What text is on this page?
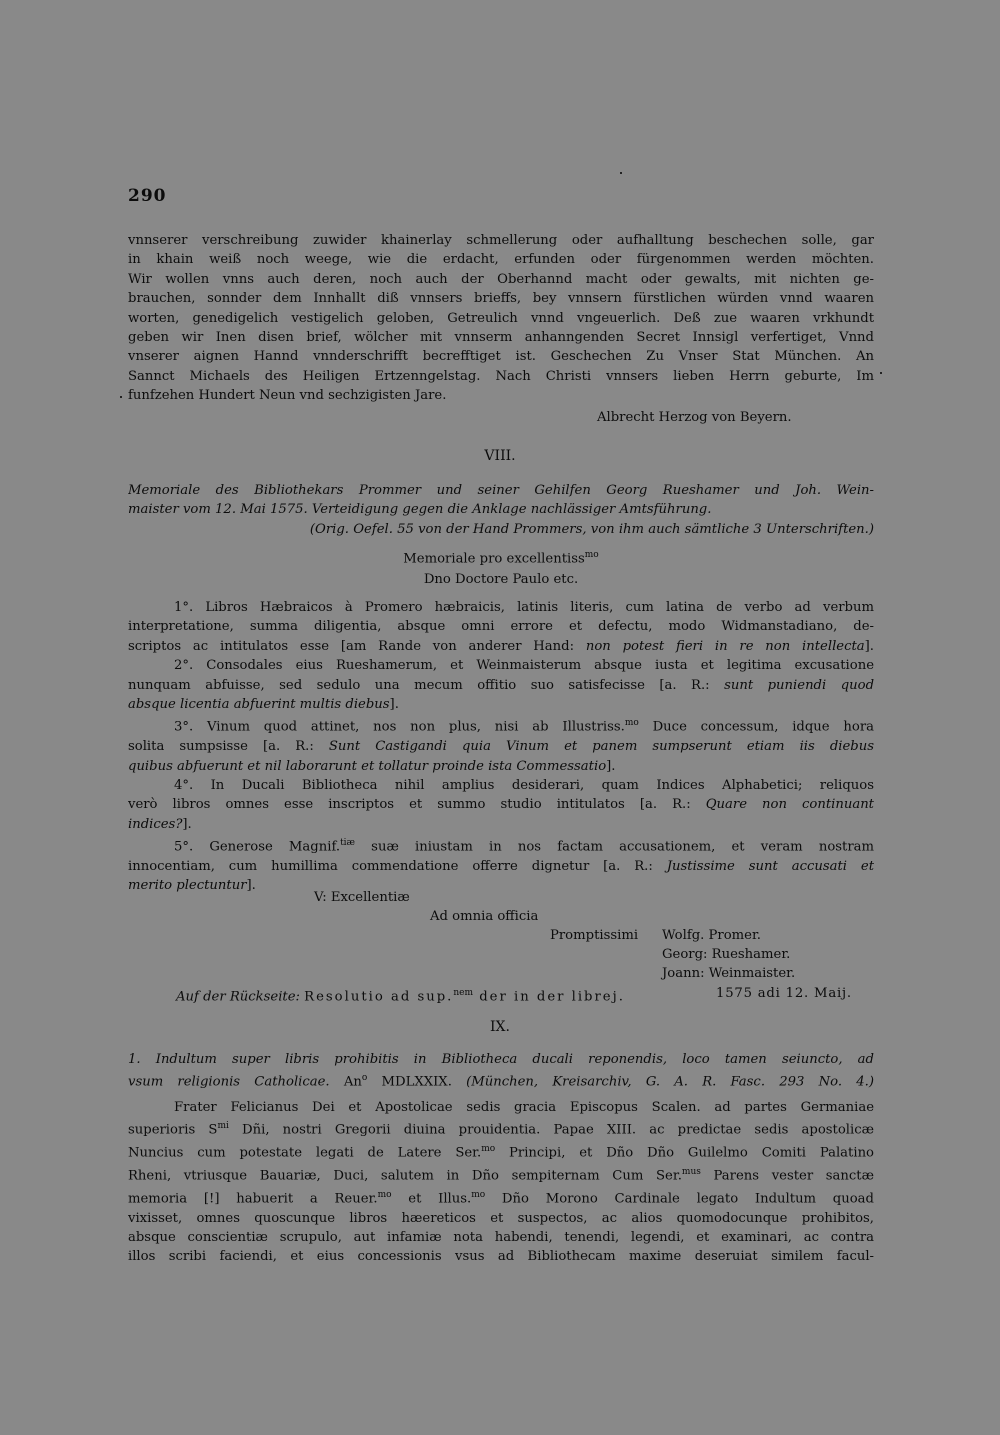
290

vnnserer verschreibung zuwider khainerlay schmellerung oder aufhalltung beschechen solle, gar

in khain weiß noch weege, wie die erdacht, erfunden oder fürgenommen werden möchten.

Wir wollen vnns auch deren, noch auch der Oberhannd macht oder gewalts, mit nichten ge-

brauchen, sonnder dem Innhallt diß vnnsers brieffs, bey vnnsern fürstlichen würden vnnd waaren

worten, genedigelich vestigelich geloben, Getreulich vnnd vngeuerlich. Deß zue waaren vrkhundt

geben wir Inen disen brief, wölcher mit vnnserm anhanngenden Secret Innsigl verfertiget, Vnnd

vnserer aignen Hannd vnnderschrifft becrefftiget ist. Geschechen Zu Vnser Stat München. An

Sannct Michaels des Heiligen Ertzenngelstag. Nach Christi vnnsers lieben Herrn geburte, Im

funfzehen Hundert Neun vnd sechzigisten Jare.

Albrecht Herzog von Beyern.
VIII.

Memoriale des Bibliothekars Prommer und seiner Gehilfen Georg Rueshamer und Joh. Wein-

maister vom 12. Mai 1575. Verteidigung gegen die Anklage nachlässiger Amtsführung.

(Orig. Oefel. 55 von der Hand Prommers, von ihm auch sämtliche 3 Unterschriften.)

Memoriale pro excellentiss$^{mo}$
Dno Doctore Paulo etc.

1°. Libros Hæbraicos à Promero hæbraicis, latinis literis, cum latina de verbo ad verbum

interpretatione, summa diligentia, absque omni errore et defectu, modo Widmanstadiano, de-

scriptos ac intitulatos esse [am Rande von anderer Hand: non potest fieri in re non intellecta].

2°. Consodales eius Rueshamerum, et Weinmaisterum absque iusta et legitima excusatione

nunquam abfuisse, sed sedulo una mecum offitio suo satisfecisse [a. R.: sunt puniendi quod

absque licentia abfuerint multis diebus].

3°. Vinum quod attinet, nos non plus, nisi ab Illustriss.$^{mo}$ Duce concessum, idque hora

solita sumpsisse [a. R.: Sunt Castigandi quia Vinum et panem sumpserunt etiam iis diebus

quibus abfuerunt et nil laborarunt et tollatur proinde ista Commessatio].

4°. In Ducali Bibliotheca nihil amplius desiderari, quam Indices Alphabetici; reliquos

verò libros omnes esse inscriptos et summo studio intitulatos [a. R.: Quare non continuant

indices?].

5°. Generose Magnif.$^{tiæ}$ suæ iniustam in nos factam accusationem, et veram nostram

innocentiam, cum humillima commendatione offerre dignetur [a. R.: Justissime sunt accusati et

merito plectuntur].

V: Excellentiæ
Ad omnia officia
Promptissimi Wolfg. Promer.
Georg: Rueshamer.
Joann: Weinmaister.
Auf der Rückseite: Resolutio ad sup.$^{nem}$ der in der librej.	1575 adi 12. Maij.
IX.

1. Indultum super libris prohibitis in Bibliotheca ducali reponendis, loco tamen seiuncto, ad

vsum religionis Catholicae. An$^o$ MDLXXIX. (München, Kreisarchiv, G. A. R. Fasc. 293 No. 4.)

Frater Felicianus Dei et Apostolicae sedis gracia Episcopus Scalen. ad partes Germaniae

superioris $S^{mi}$ Dñi, nostri Gregorii diuina prouidentia. Papae XIII. ac predictae sedis apostolicæ

Nuncius cum potestate legati de Latere Ser.$^{mo}$ Principi, et Dño Dño Guilelmo Comiti Palatino

Rheni, vtriusque Bauariæ, Duci, salutem in Dño sempiternam Cum Ser.$^{mus}$ Parens vester sanctæ

memoria [!] habuerit a Reuer.$^{mo}$ et Illus.$^{mo}$ Dño Morono Cardinale legato Indultum quoad

vixisset, omnes quoscunque libros hæereticos et suspectos, ac alios quomodocunque prohibitos,

absque conscientiæ scrupulo, aut infamiæ nota habendi, tenendi, legendi, et examinari, ac contra

illos scribi faciendi, et eius concessionis vsus ad Bibliothecam maxime deseruiat similem facul-
